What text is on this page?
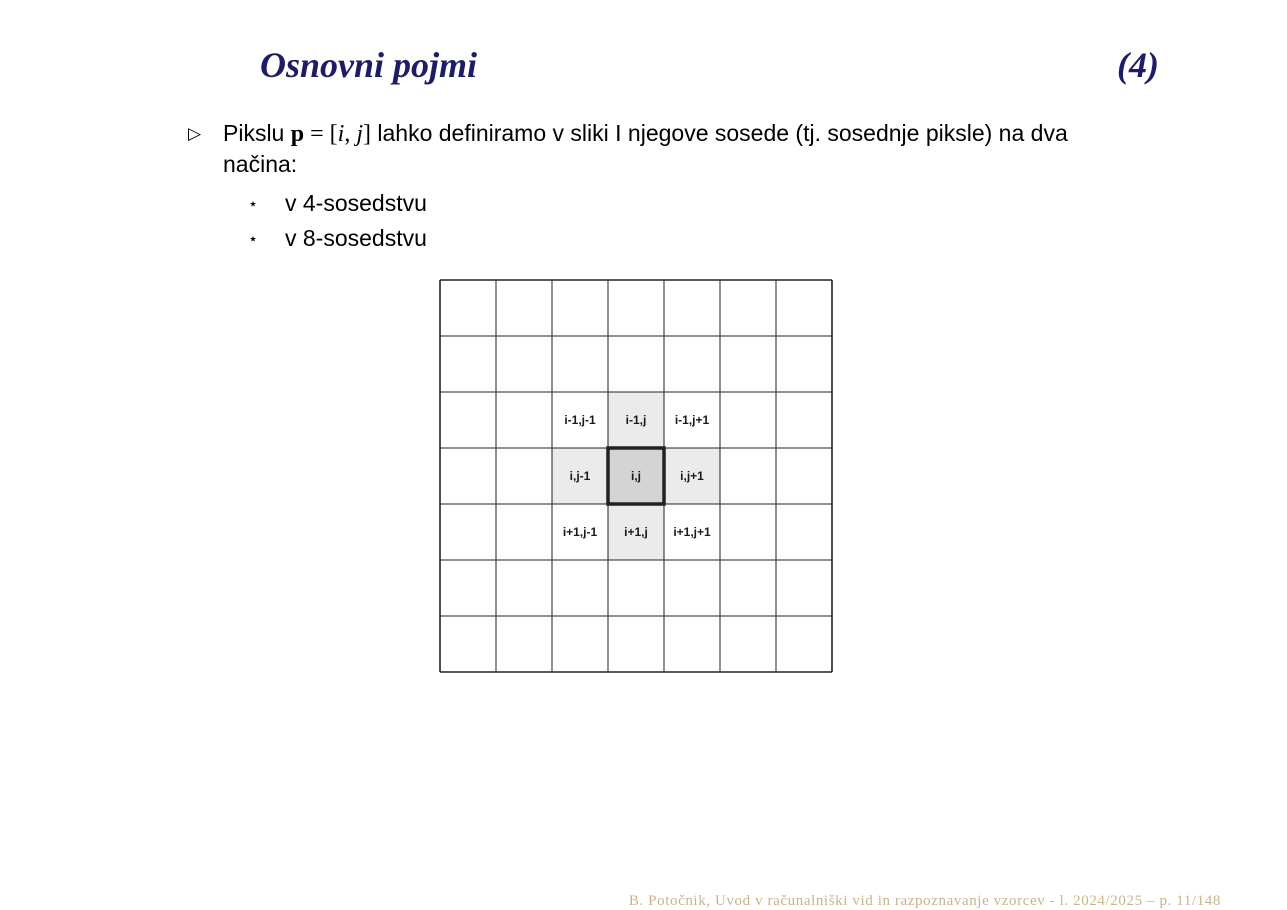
Osnovni pojmi	(4)
▷ Pikslu p = [i, j] lahko definiramo v sliki I njegove sosede (tj. sosednje piksle) na dva načina:
⋆ v 4-sosedstvu
⋆ v 8-sosedstvu
i-1,j-1 i-1,j i-1,j+1
i,j-1	i,j	i,j+1
i+1,j-1 i+1,j i+1,j+1
B. Potočnik, Uvod v računalniški vid in razpoznavanje vzorcev - l. 2024/2025 – p. 11/148
